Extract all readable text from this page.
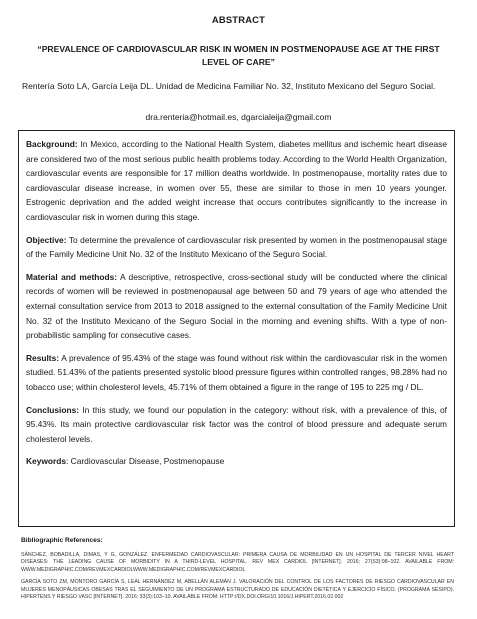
ABSTRACT
“PREVALENCE OF CARDIOVASCULAR RISK IN WOMEN IN POSTMENOPAUSE AGE AT THE FIRST LEVEL OF CARE”
Rentería Soto LA, García Leija DL. Unidad de Medicina Familiar No. 32, Instituto Mexicano del Seguro Social.
dra.renteria@hotmail.es, dgarcialeija@gmail.com

Background: In Mexico, according to the National Health System, diabetes mellitus and ischemic heart disease are considered two of the most serious public health problems today. According to the World Health Organization, cardiovascular events are responsible for 17 million deaths worldwide. In postmenopause, mortality rates due to cardiovascular disease increase, in women over 55, these are similar to those in men 10 years younger. Estrogenic deprivation and the added weight increase that occurs contributes significantly to the increase in cardiovascular risk in women during this stage.

Objective: To determine the prevalence of cardiovascular risk presented by women in the postmenopausal stage of the Family Medicine Unit No. 32 of the Instituto Mexicano of the Seguro Social.

Material and methods: A descriptive, retrospective, cross-sectional study will be conducted where the clinical records of women will be reviewed in postmenopausal age between 50 and 79 years of age who attended the external consultation service from 2013 to 2018 assigned to the external consultation of the Family Medicine Unit No. 32 of the Instituto Mexicano of the Seguro Social in the morning and evening shifts. With a type of non-probabilistic sampling for consecutive cases.

Results: A prevalence of 95.43% of the stage was found without risk within the cardiovascular risk in the women studied. 51.43% of the patients presented systolic blood pressure figures within controlled ranges, 98.28% had no tobacco use; within cholesterol levels, 45.71% of them obtained a figure in the range of 195 to 225 mg / DL.

Conclusions: In this study, we found our population in the category: without risk, with a prevalence of this, of 95.43%. Its main protective cardiovascular risk factor was the control of blood pressure and adequate serum cholesterol levels.

Keywords: Cardiovascular Disease, Postmenopause

Bibliographic References:

SÁNCHEZ, BOBADILLA, DIMAS, Y G, GONZÁLEZ. ENFERMEDAD CARDIOVASCULAR: PRIMERA CAUSA DE MORBILIDAD EN UN HOSPITAL DE TERCER NIVEL HEART DISEASES: THE LEADING CAUSE OF MORBIDITY IN A THIRD-LEVEL HOSPITAL. REV MEX CARDIOL [INTERNET]. 2016; 27(S3):98–102. AVAILABLE FROM: WWW.MEDIGRAPHIC.COM/REVMEXCARDIOLWWW.MEDIGRAPHIC.COM/REVMEXCARDIOL

GARCÍA SOTO ZM, MONTORO GARCÍA S, LEAL HERNÁNDEZ M, ABELLÁN ALEMÁN J. VALORACIÓN DEL CONTROL DE LOS FACTORES DE RIESGO CARDIOVASCULAR EN MUJERES MENOPÁUSICAS OBESAS TRAS EL SEGUIMIENTO DE UN PROGRAMA ESTRUCTURADO DE EDUCACIÓN DIETÉTICA Y EJERCICIO FÍSICO. (PROGRAMA SÉSIPO). HIPERTENS Y RIESGO VASC [INTERNET]. 2016; 33(3):103–10. AVAILABLE FROM: HTTP://DX.DOI.ORG/10.1016/J.HIPERT.2016.02.002
